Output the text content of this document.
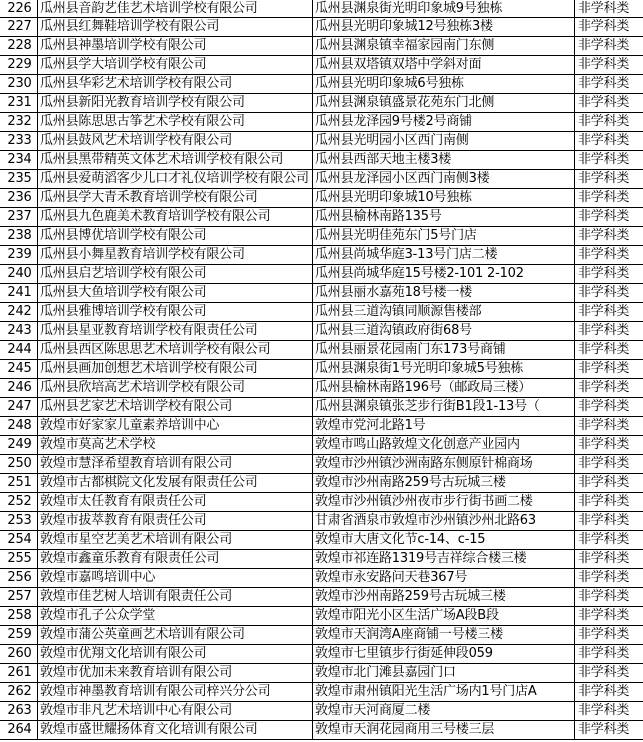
226 瓜州县音韵艺佳艺术培训学校有限公司	瓜州县渊泉街光明印象城9号独栋	非学科类
227 瓜州县红舞鞋培训学校有限公司	瓜州县光明印象城12号独栋3楼	非学科类
228 瓜州县神墨培训学校有限公司	瓜州县渊泉镇幸福家园南门东侧	非学科类
229 瓜州县学大培训学校有限公司	瓜州县双塔镇双塔中学斜对面	非学科类
230 瓜州县华彩艺术培训学校有限公司	瓜州县光明印象城6号独栋	非学科类
231 瓜州县新阳光教育培训学校有限公司	瓜州县渊泉镇盛景花苑东门北侧	非学科类
232 瓜州县陈思思古筝艺术学校有限公司	瓜州县龙泽园9号楼2号商铺	非学科类
233 瓜州县鼓风艺术培训学校有限公司	瓜州县光明园小区西门南侧	非学科类
234 瓜州县黑带精英文体艺术培训学校有限公司	瓜州县西部天地主楼3楼	非学科类
235 瓜州县爱萌滔客少儿口才礼仪培训学校有限公司 瓜州县龙泽园小区西门南侧3楼	非学科类
236 瓜州县学大青禾教育培训学校有限公司	瓜州县光明印象城10号独栋	非学科类
237 瓜州县九色鹿美术教育培训学校有限公司	瓜州县榆林南路135号	非学科类
238 瓜州县博优培训学校有限公司	瓜州县光明佳苑东门5号门店	非学科类
239 瓜州县小舞星教育培训学校有限公司	瓜州县尚城华庭3-13号门店二楼	非学科类
240 瓜州县启艺培训学校有限公司	瓜州县尚城华庭15号楼2-101 2-102	非学科类
241 瓜州县大鱼培训学校有限公司	瓜州县丽水嘉苑18号楼一楼	非学科类
242 瓜州县雅博培训学校有限公司	瓜州县三道沟镇同顺源售楼部	非学科类
243 瓜州县星亚教育培训学校有限责任公司	瓜州县三道沟镇政府街68号	非学科类
244 瓜州县西区陈思思艺术培训学校有限公司	瓜州县丽景花园南门东173号商铺	非学科类
245 瓜州县画加创想艺术培训学校有限公司	瓜州县渊泉街1号光明印象城5号独栋	非学科类
246 瓜州县欣培高艺术培训学校有限公司	瓜州县榆林南路196号（邮政局三楼）	非学科类
247 瓜州县艺家艺术培训学校有限公司	瓜州县渊泉镇张芝步行街B1段1-13号（	非学科类
248 敦煌市好家家儿童素养培训中心	敦煌市党河北路1号	非学科类
249 敦煌市莫高艺术学校	敦煌市鸣山路敦煌文化创意产业园内	非学科类
250 敦煌市慧泽希望教育培训有限公司	敦煌市沙州镇沙洲南路东侧原针棉商场	非学科类
251 敦煌市古都棋院文化发展有限责任公司	敦煌市沙州南路259号古玩城三楼	非学科类
252 敦煌市太任教育有限责任公司	敦煌市沙州镇沙州夜市步行街书画二楼	非学科类
253 敦煌市拔萃教育有限责任公司	甘肃省酒泉市敦煌市沙州镇沙州北路63	非学科类
254 敦煌市星空艺美艺术培训有限公司	敦煌市大唐文化节c-14、c-15	非学科类
255 敦煌市鑫童乐教育有限责任公司	敦煌市祁连路1319号吉祥综合楼三楼	非学科类
256 敦煌市嘉鸣培训中心	敦煌市永安路问天巷367号	非学科类
257 敦煌市佳艺树人培训有限责任公司	敦煌市沙州南路259号古玩城三楼	非学科类
258 敦煌市孔子公众学堂	敦煌市阳光小区生活广场A段B段	非学科类
259 敦煌市蒲公英童画艺术培训有限公司	敦煌市天润湾A座商铺一号楼三楼	非学科类
260 敦煌市优翔文化培训有限公司	敦煌市七里镇步行街延伸段059	非学科类
261 敦煌市优加未来教育培训有限公司	敦煌市北门滩县嘉园门口	非学科类
262 敦煌市神墨教育培训有限公司梓兴分公司	敦煌市肃州镇阳光生活广场内1号门店A	非学科类
263 敦煌市非凡艺术培训中心有限公司	敦煌市天河商厦二楼	非学科类
264 敦煌市盛世耀扬体育文化培训有限公司	敦煌市天润花园商用三号楼三层	非学科类
